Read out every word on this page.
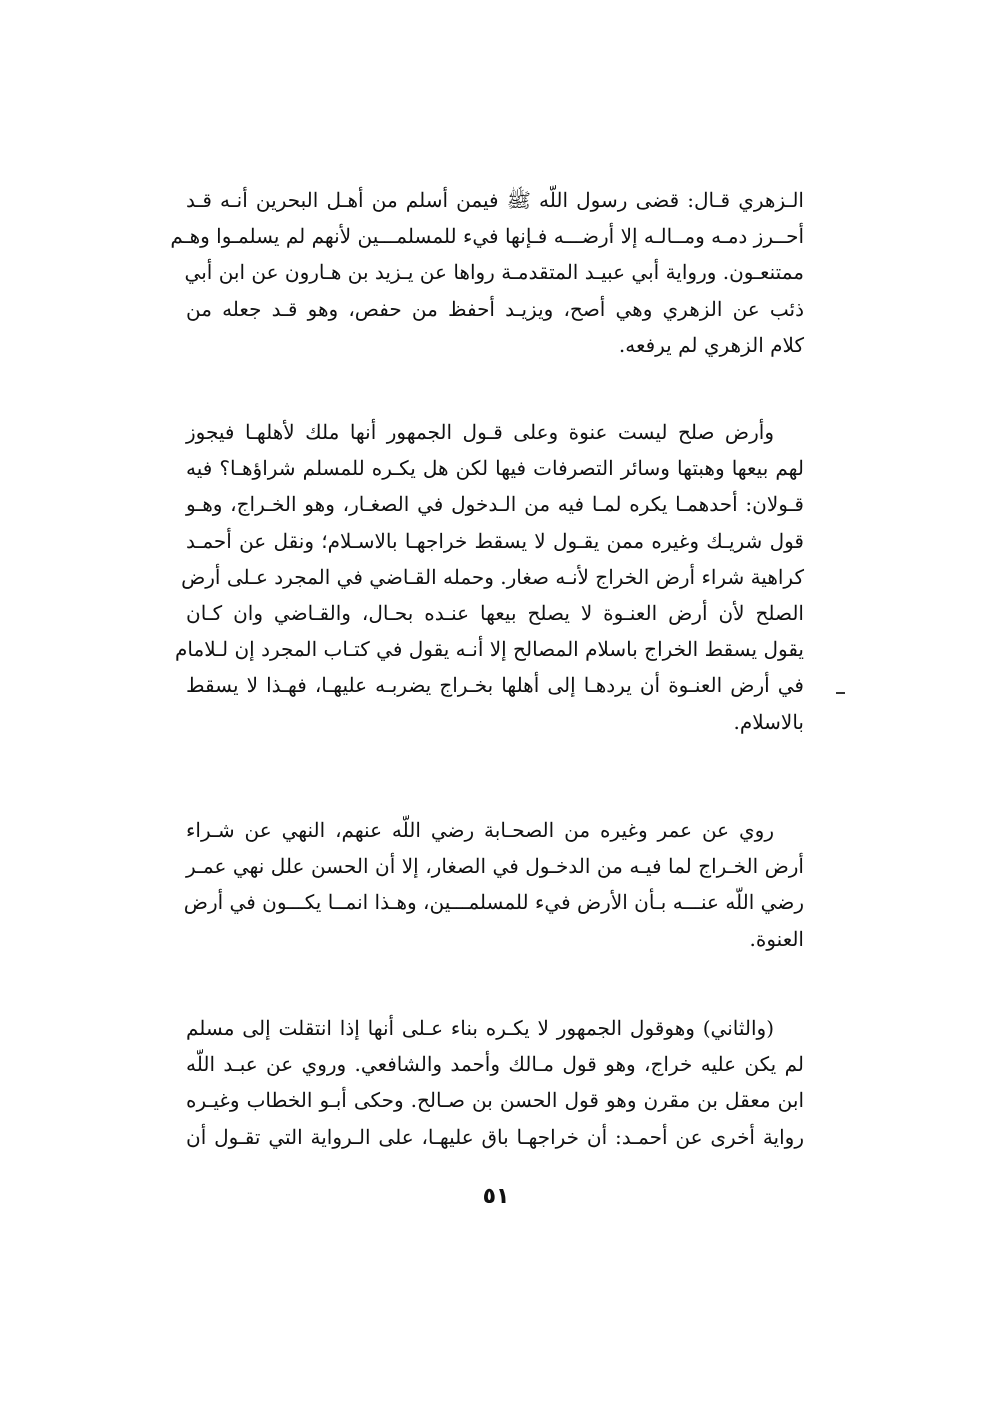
الـزهري قـال: قضى رسول اللّه ﷺ فيمن أسلم من أهـل البحرين أنـه قـد
أحــرز دمـه ومــالـه إلا أرضـــه فـإنها فيء للمسلمـــين لأنهم لم يسلمـوا وهـم
ممتنعـون. ورواية أبي عبيـد المتقدمـة رواها عن يـزيد بن هـارون عن ابن أبي
ذئب عن الزهري وهي أصح، ويزيـد أحفظ من حفص، وهو قـد جعله من
كلام الزهري لم يرفعه.
وأرض صلح ليست عنوة وعلى قـول الجمهور أنها ملك لأهلهـا فيجوز
لهم بيعها وهبتها وسائر التصرفات فيها لكن هل يكـره للمسلم شراؤهـا؟ فيه
قـولان: أحدهمـا يكره لمـا فيه من الـدخول في الصغـار، وهو الخـراج، وهـو
قول شريـك وغيره ممن يقـول لا يسقط خراجهـا بالاسـلام؛ ونقل عن أحمـد
كراهية شراء أرض الخراج لأنـه صغار. وحمله القـاضي في المجرد عـلى أرض
الصلح لأن أرض العنـوة لا يصلح بيعها عنـده بحـال، والقـاضي وان كـان
يقول يسقط الخراج باسلام المصالح إلا أنـه يقول في كتـاب المجرد إن لـلامام
في أرض العنـوة أن يردهـا إلى أهلها بخـراج يضربـه عليهـا، فهـذا لا يسقط
بالاسلام.
روي عن عمر وغيره من الصحـابة رضي اللّه عنهم، النهي عن شـراء
أرض الخـراج لما فيـه من الدخـول في الصغار، إلا أن الحسن علل نهي عمـر
رضي اللّه عنـــه بـأن الأرض فيء للمسلمـــين، وهـذا انمــا يكـــون في أرض
العنوة.
(والثاني) وهوقول الجمهور لا يكـره بناء عـلى أنها إذا انتقلت إلى مسلم
لم يكن عليه خراج، وهو قول مـالك وأحمد والشافعي. وروي عن عبـد اللّه
ابن معقل بن مقرن وهو قول الحسن بن صـالح. وحكى أبـو الخطاب وغيـره
رواية أخرى عن أحمـد: أن خراجهـا باق عليهـا، على الـرواية التي تقـول أن
٥١
